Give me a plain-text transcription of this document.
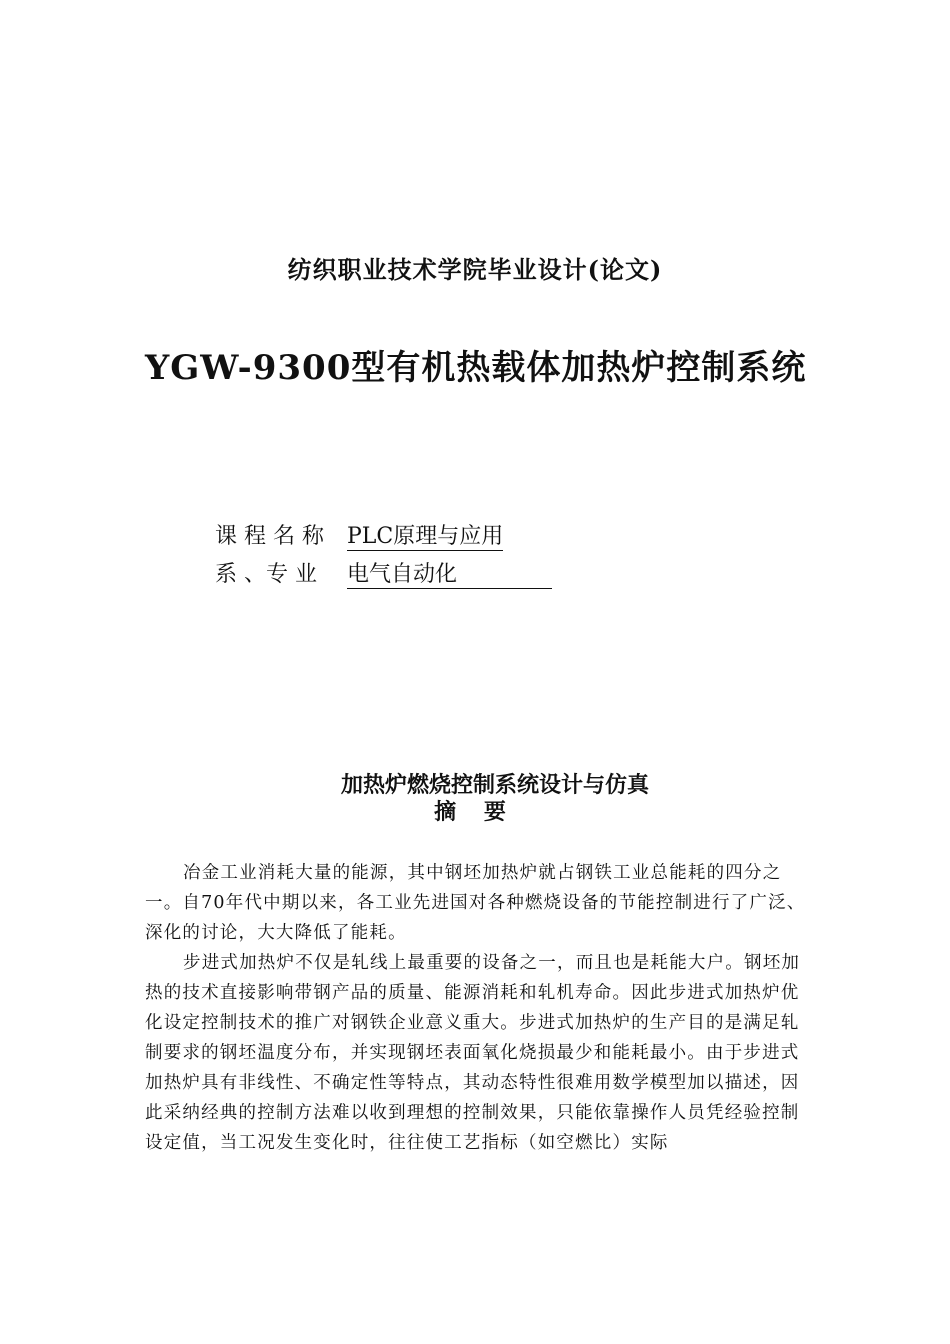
纺织职业技术学院毕业设计(论文)
YGW-9300型有机热载体加热炉控制系统
课 程 名 称 PLC原理与应用
系 、专 业电气自动化
加热炉燃烧控制系统设计与仿真
摘 要

冶金工业消耗大量的能源，其中钢坯加热炉就占钢铁工业总能耗的四分之一。自70年代中期以来，各工业先进国对各种燃烧设备的节能控制进行了广泛、深化的讨论，大大降低了能耗。

步进式加热炉不仅是轧线上最重要的设备之一，而且也是耗能大户。钢坯加热的技术直接影响带钢产品的质量、能源消耗和轧机寿命。因此步进式加热炉优化设定控制技术的推广对钢铁企业意义重大。步进式加热炉的生产目的是满足轧制要求的钢坯温度分布，并实现钢坯表面氧化烧损最少和能耗最小。由于步进式加热炉具有非线性、不确定性等特点，其动态特性很难用数学模型加以描述，因此采纳经典的控制方法难以收到理想的控制效果，只能依靠操作人员凭经验控制设定值，当工况发生变化时，往往使工艺指标（如空燃比）实际
